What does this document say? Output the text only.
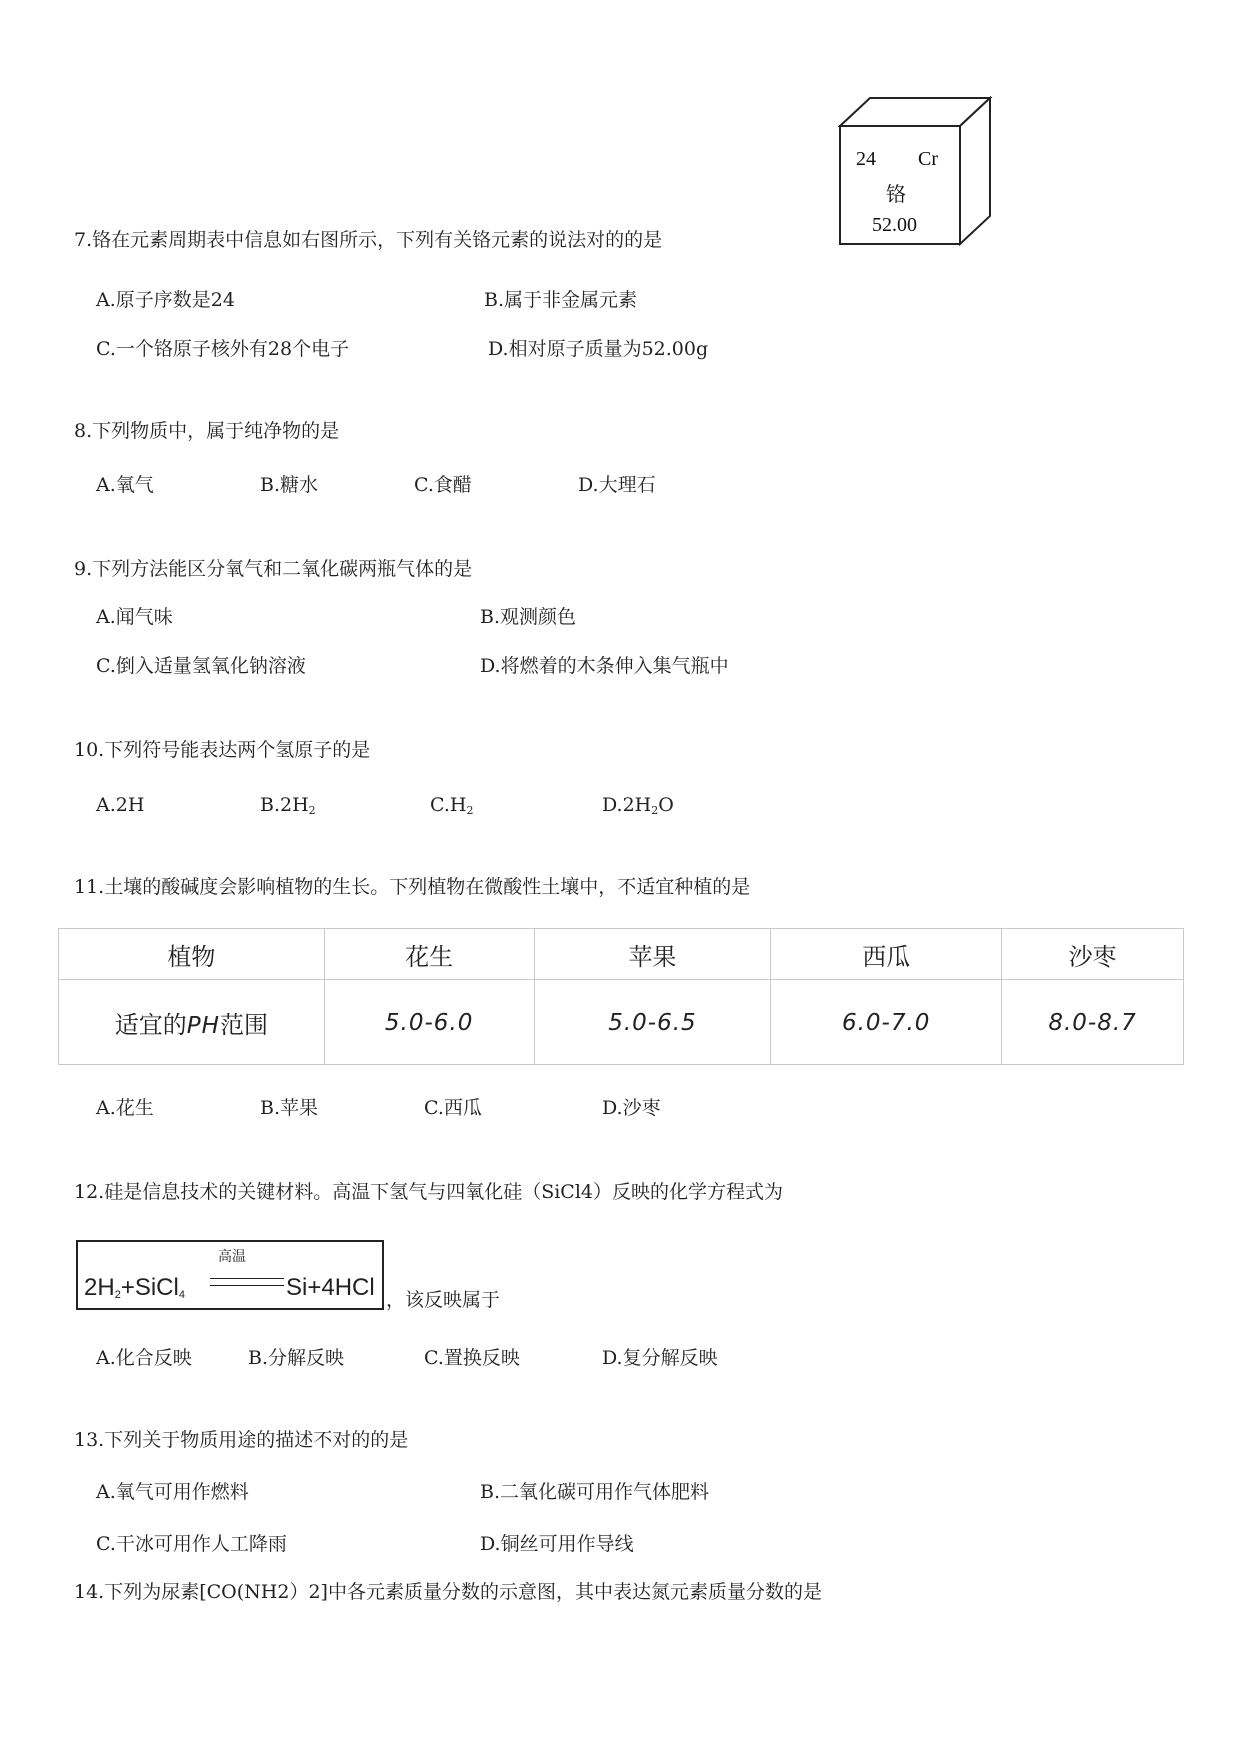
24 Cr
铬
52.00
7.铬在元素周期表中信息如右图所示，下列有关铬元素的说法对的的是
A.原子序数是24	B.属于非金属元素
C.一个铬原子核外有28个电子	D.相对原子质量为52.00g
8.下列物质中，属于纯净物的是
A.氧气	B.糖水	C.食醋	D.大理石
9.下列方法能区分氧气和二氧化碳两瓶气体的是
A.闻气味	B.观测颜色
C.倒入适量氢氧化钠溶液	D.将燃着的木条伸入集气瓶中
10.下列符号能表达两个氢原子的是
A.2H	$B.2H_2$	$C.H_2$	$D.2H_2O$
11.土壤的酸碱度会影响植物的生长。下列植物在微酸性土壤中，不适宜种植的是
植物	花生	苹果	西瓜	沙枣
适宜的PH范围	5.0-6.0	5.0-6.5	6.0-7.0	8.0-8.7
A.花生	B.苹果	C.西瓜	D.沙枣
12.硅是信息技术的关键材料。高温下氢气与四氧化硅（SiCl4）反映的化学方程式为
高温
$2H_2+SiCl_4$	Si+4HCl ，该反映属于
A.化合反映	B.分解反映	C.置换反映	D.复分解反映
13.下列关于物质用途的描述不对的的是
A.氧气可用作燃料	B.二氧化碳可用作气体肥料
C.干冰可用作人工降雨	D.铜丝可用作导线
14.下列为尿素[CO(NH2）2]中各元素质量分数的示意图，其中表达氮元素质量分数的是
